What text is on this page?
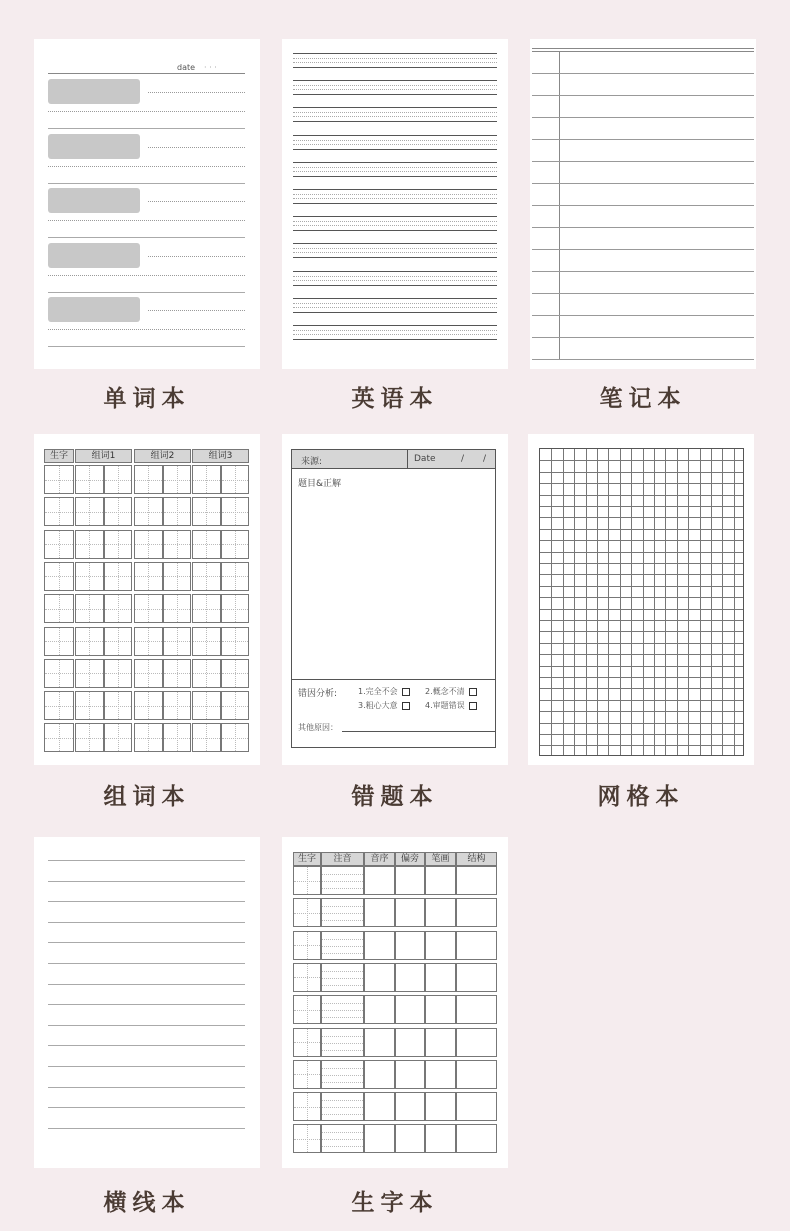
date · · ·
单词本	英语本	笔记本
生字	组词1	组词2	组词3
组词本
来源:	Date	/ /
题目&正解
错因分析:	1.完全不会	2.概念不清
3.粗心大意	4.审题错误
其他原因：
错题本	网格本
横线本
生字	注音	音序	偏旁	笔画	结构
生字本
